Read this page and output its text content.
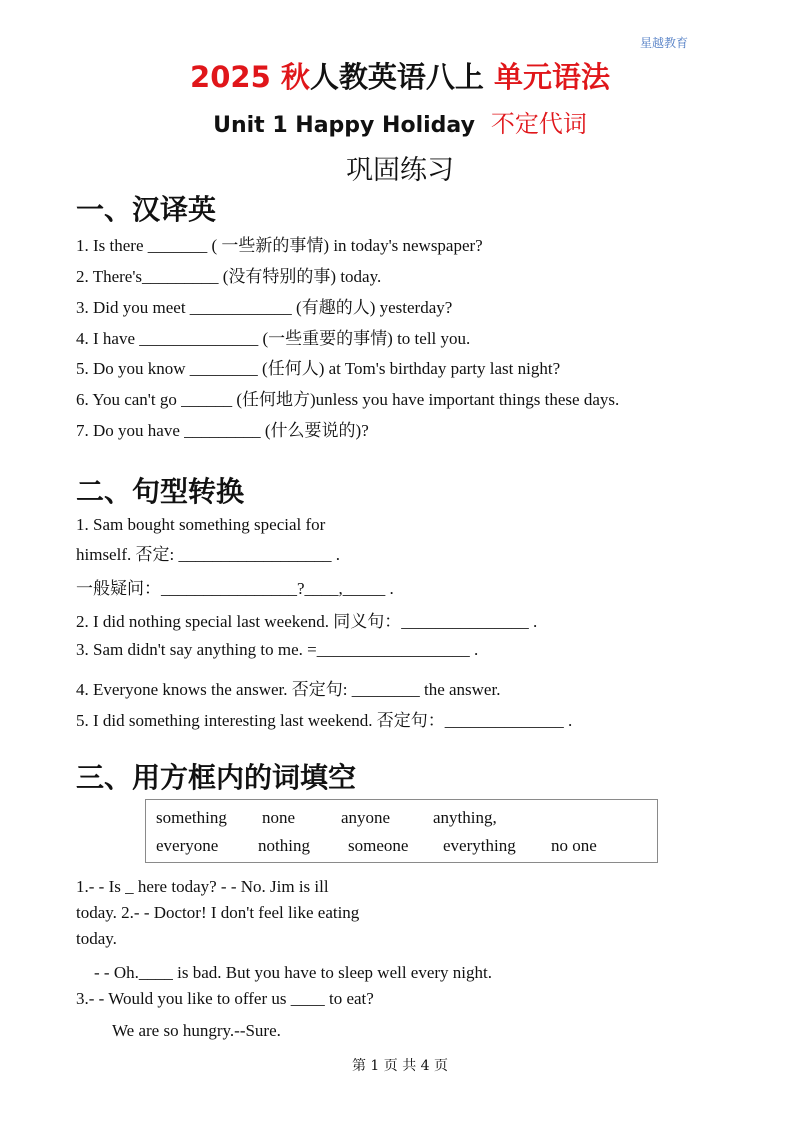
星越教育
2025 秋人教英语八上 单元语法
Unit 1 Happy Holiday 不定代词
巩固练习
一、汉译英
1. Is there _______ ( 一些新的事情) in today's newspaper?
2. There's_________ (没有特别的事) today.
3. Did you meet ____________ (有趣的人) yesterday?
4. I have ______________ (一些重要的事情) to tell you.
5. Do you know ________ (任何人) at Tom's birthday party last night?
6. You can't go ______ (任何地方)unless you have important things these days.
7. Do you have _________ (什么要说的)?
二、句型转换
1. Sam bought something special for
himself. 否定: __________________ .
一般疑问：________________?____,_____ .
2. I did nothing special last weekend. 同义句：_______________ .
3. Sam didn't say anything to me. =__________________ .
4. Everyone knows the answer. 否定句: ________ the answer.
5. I did something interesting last weekend. 否定句：______________ .
三、用方框内的词填空
something none	anyone	anything,
everyone nothing someone everything no one
1.- - Is _ here today? - - No. Jim is ill
today. 2.- - Doctor! I don't feel like eating
today.
- - Oh.____ is bad. But you have to sleep well every night.
3.- - Would you like to offer us ____ to eat?
We are so hungry.--Sure.
第 1 页 共 4 页
